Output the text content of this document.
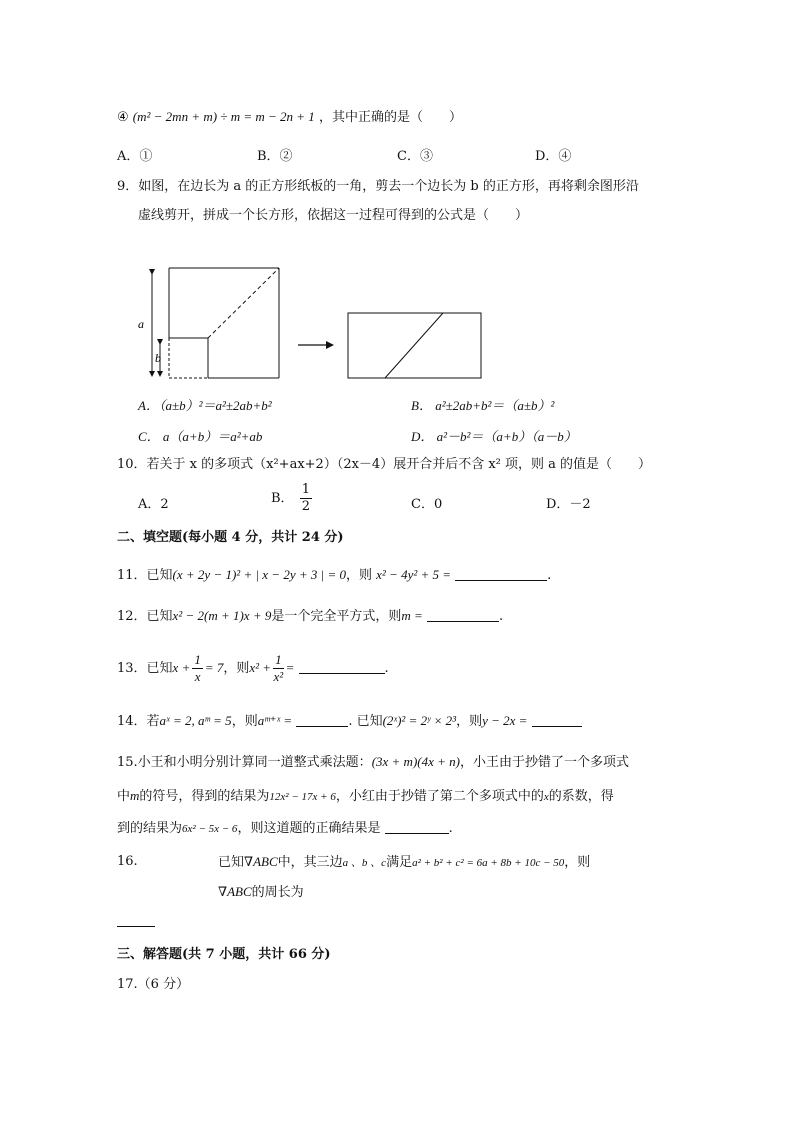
④ (m² − 2mn + m) ÷ m = m − 2n + 1 ，其中正确的是（　　）
A．①	B．②	C．③	D．④
9．如图，在边长为 a 的正方形纸板的一角，剪去一个边长为 b 的正方形，再将剩余图形沿
虚线剪开，拼成一个长方形，依据这一过程可得到的公式是（　　）
a
b
A．（a±b）²＝a²±2ab+b²	B． a²±2ab+b²＝（a±b）²
C． a（a+b）＝a²+ab	D． a²－b²＝（a+b）（a－b）
10．若关于 x 的多项式（x²+ax+2）（2x－4）展开合并后不含 x² 项，则 a 的值是（　　）
A．2	B． $\frac{1}{2}$	C．0	D．－2
二、填空题(每小题 4 分，共计 24 分)
11．已知(x + 2y − 1)² + | x − 2y + 3 | = 0，则 x² − 4y² + 5 =	.
12．已知x² − 2(m + 1)x + 9是一个完全平方式，则m =	.
13．已知$x + \frac{1}{x} = 7$，则$x^2 + \frac{1}{\text{x²}}$ =	.
14．若aˣ = 2, aᵐ = 5，则aᵐ⁺ˣ =	. 已知(2ˣ)² = 2ʸ × 2³，则y − 2x =
15.小王和小明分别计算同一道整式乘法题：(3x + m)(4x + n)，小王由于抄错了一个多项式
中m的符号，得到的结果为12x² − 17x + 6，小红由于抄错了第二个多项式中的x的系数，得
到的结果为6x² − 5x − 6，则这道题的正确结果是	.
16.	已知∇ABC中，其三边a 、b 、c满足a² + b² + c² = 6a + 8b + 10c − 50，则
∇ABC的周长为
三、解答题(共 7 小题，共计 66 分)
17.（6 分）
